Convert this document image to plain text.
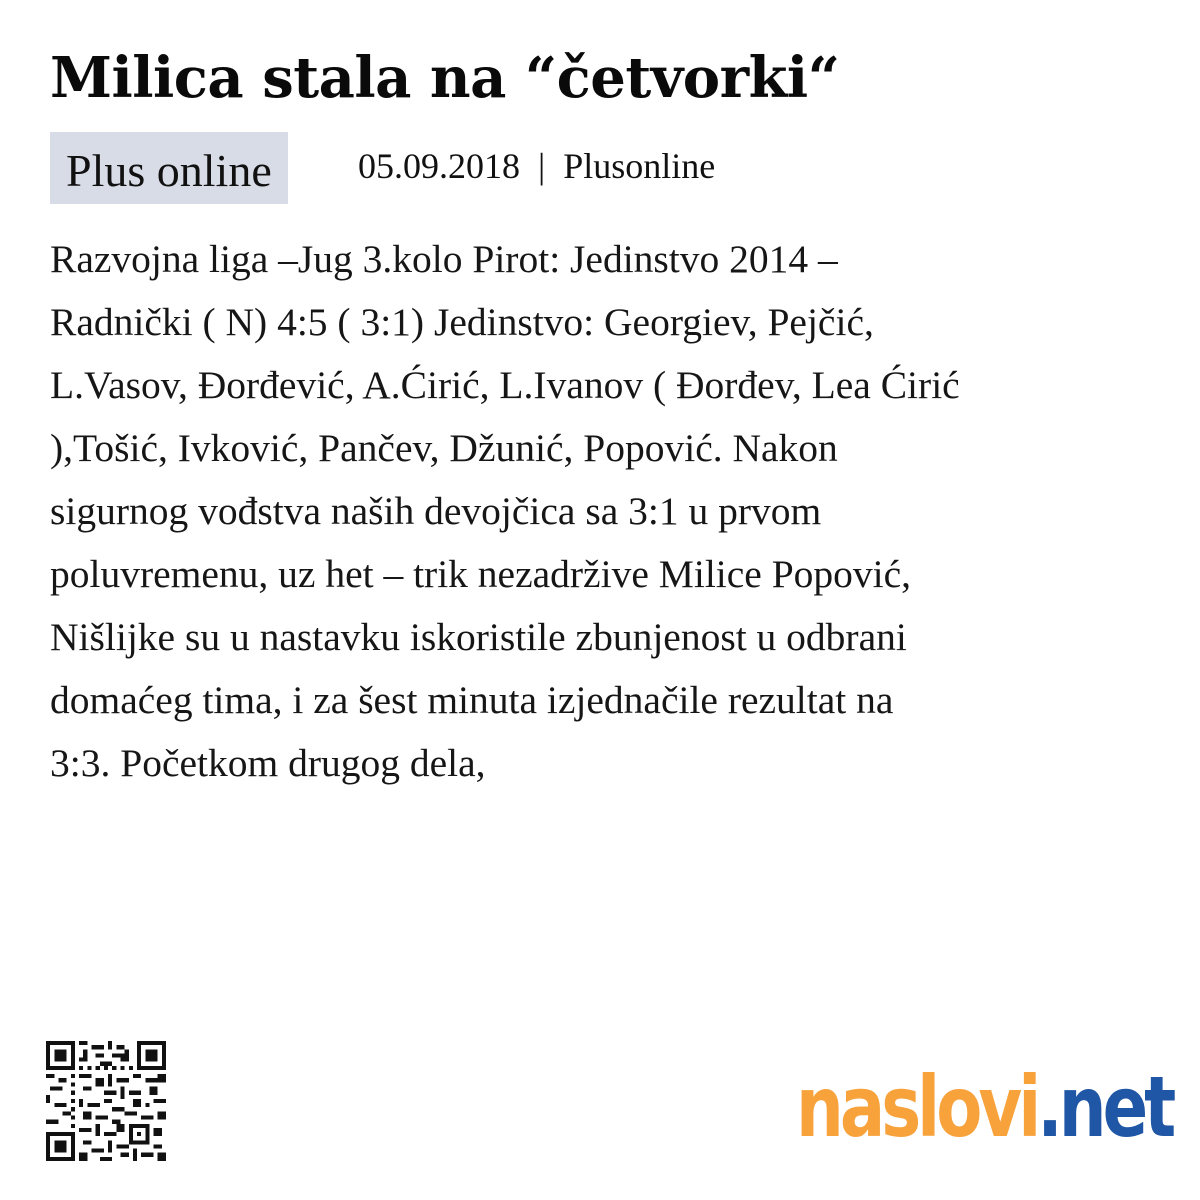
Milica stala na “četvorki“
Plus online	05.09.2018 | Plusonline
Razvojna liga –Jug 3.kolo Pirot: Jedinstvo 2014 –
Radnički ( N) 4:5 ( 3:1) Jedinstvo: Georgiev, Pejčić,
L.Vasov, Đorđević, A.Ćirić, L.Ivanov ( Đorđev, Lea Ćirić
),Tošić, Ivković, Pančev, Džunić, Popović. Nakon
sigurnog vođstva naših devojčica sa 3:1 u prvom
poluvremenu, uz het – trik nezadržive Milice Popović,
Nišlijke su u nastavku iskoristile zbunjenost u odbrani
domaćeg tima, i za šest minuta izjednačile rezultat na
3:3. Početkom drugog dela,
naslovi.net
